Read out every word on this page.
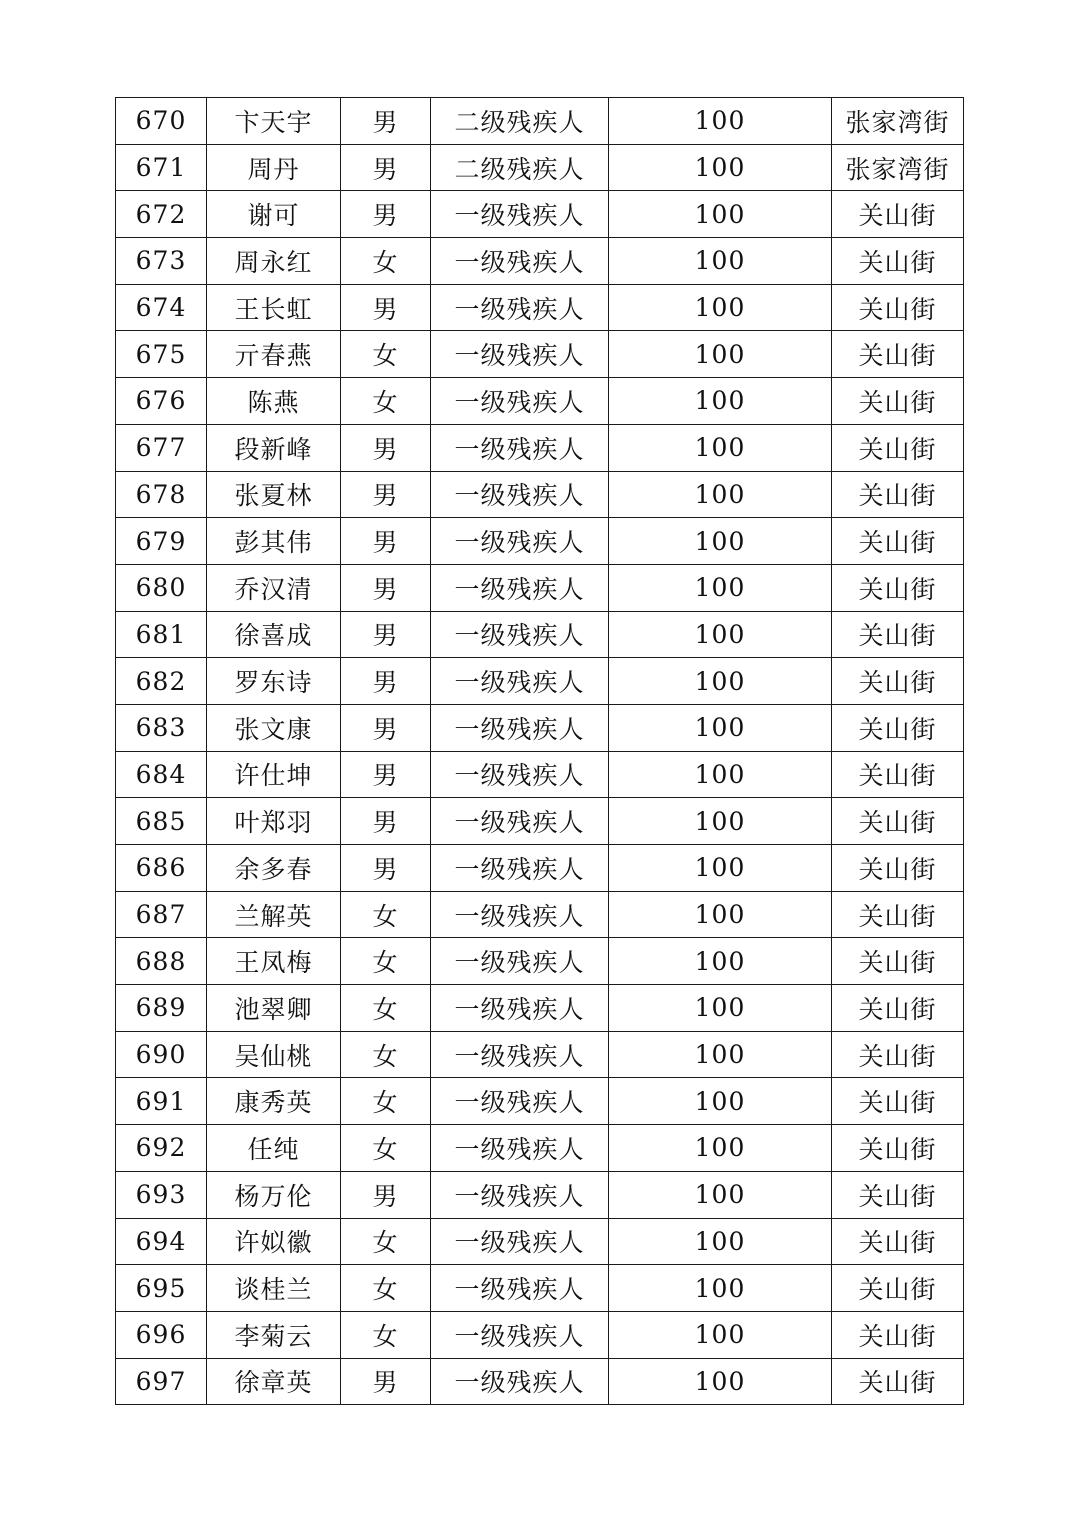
670	卞天宇	男	二级残疾人	100	张家湾街
671	周丹	男	二级残疾人	100	张家湾街
672	谢可	男	一级残疾人	100	关山街
673	周永红	女	一级残疾人	100	关山街
674	王长虹	男	一级残疾人	100	关山街
675	亓春燕	女	一级残疾人	100	关山街
676	陈燕	女	一级残疾人	100	关山街
677	段新峰	男	一级残疾人	100	关山街
678	张夏林	男	一级残疾人	100	关山街
679	彭其伟	男	一级残疾人	100	关山街
680	乔汉清	男	一级残疾人	100	关山街
681	徐喜成	男	一级残疾人	100	关山街
682	罗东诗	男	一级残疾人	100	关山街
683	张文康	男	一级残疾人	100	关山街
684	许仕坤	男	一级残疾人	100	关山街
685	叶郑羽	男	一级残疾人	100	关山街
686	余多春	男	一级残疾人	100	关山街
687	兰解英	女	一级残疾人	100	关山街
688	王凤梅	女	一级残疾人	100	关山街
689	池翠卿	女	一级残疾人	100	关山街
690	吴仙桃	女	一级残疾人	100	关山街
691	康秀英	女	一级残疾人	100	关山街
692	任纯	女	一级残疾人	100	关山街
693	杨万伦	男	一级残疾人	100	关山街
694	许姒徽	女	一级残疾人	100	关山街
695	谈桂兰	女	一级残疾人	100	关山街
696	李菊云	女	一级残疾人	100	关山街
697	徐章英	男	一级残疾人	100	关山街
